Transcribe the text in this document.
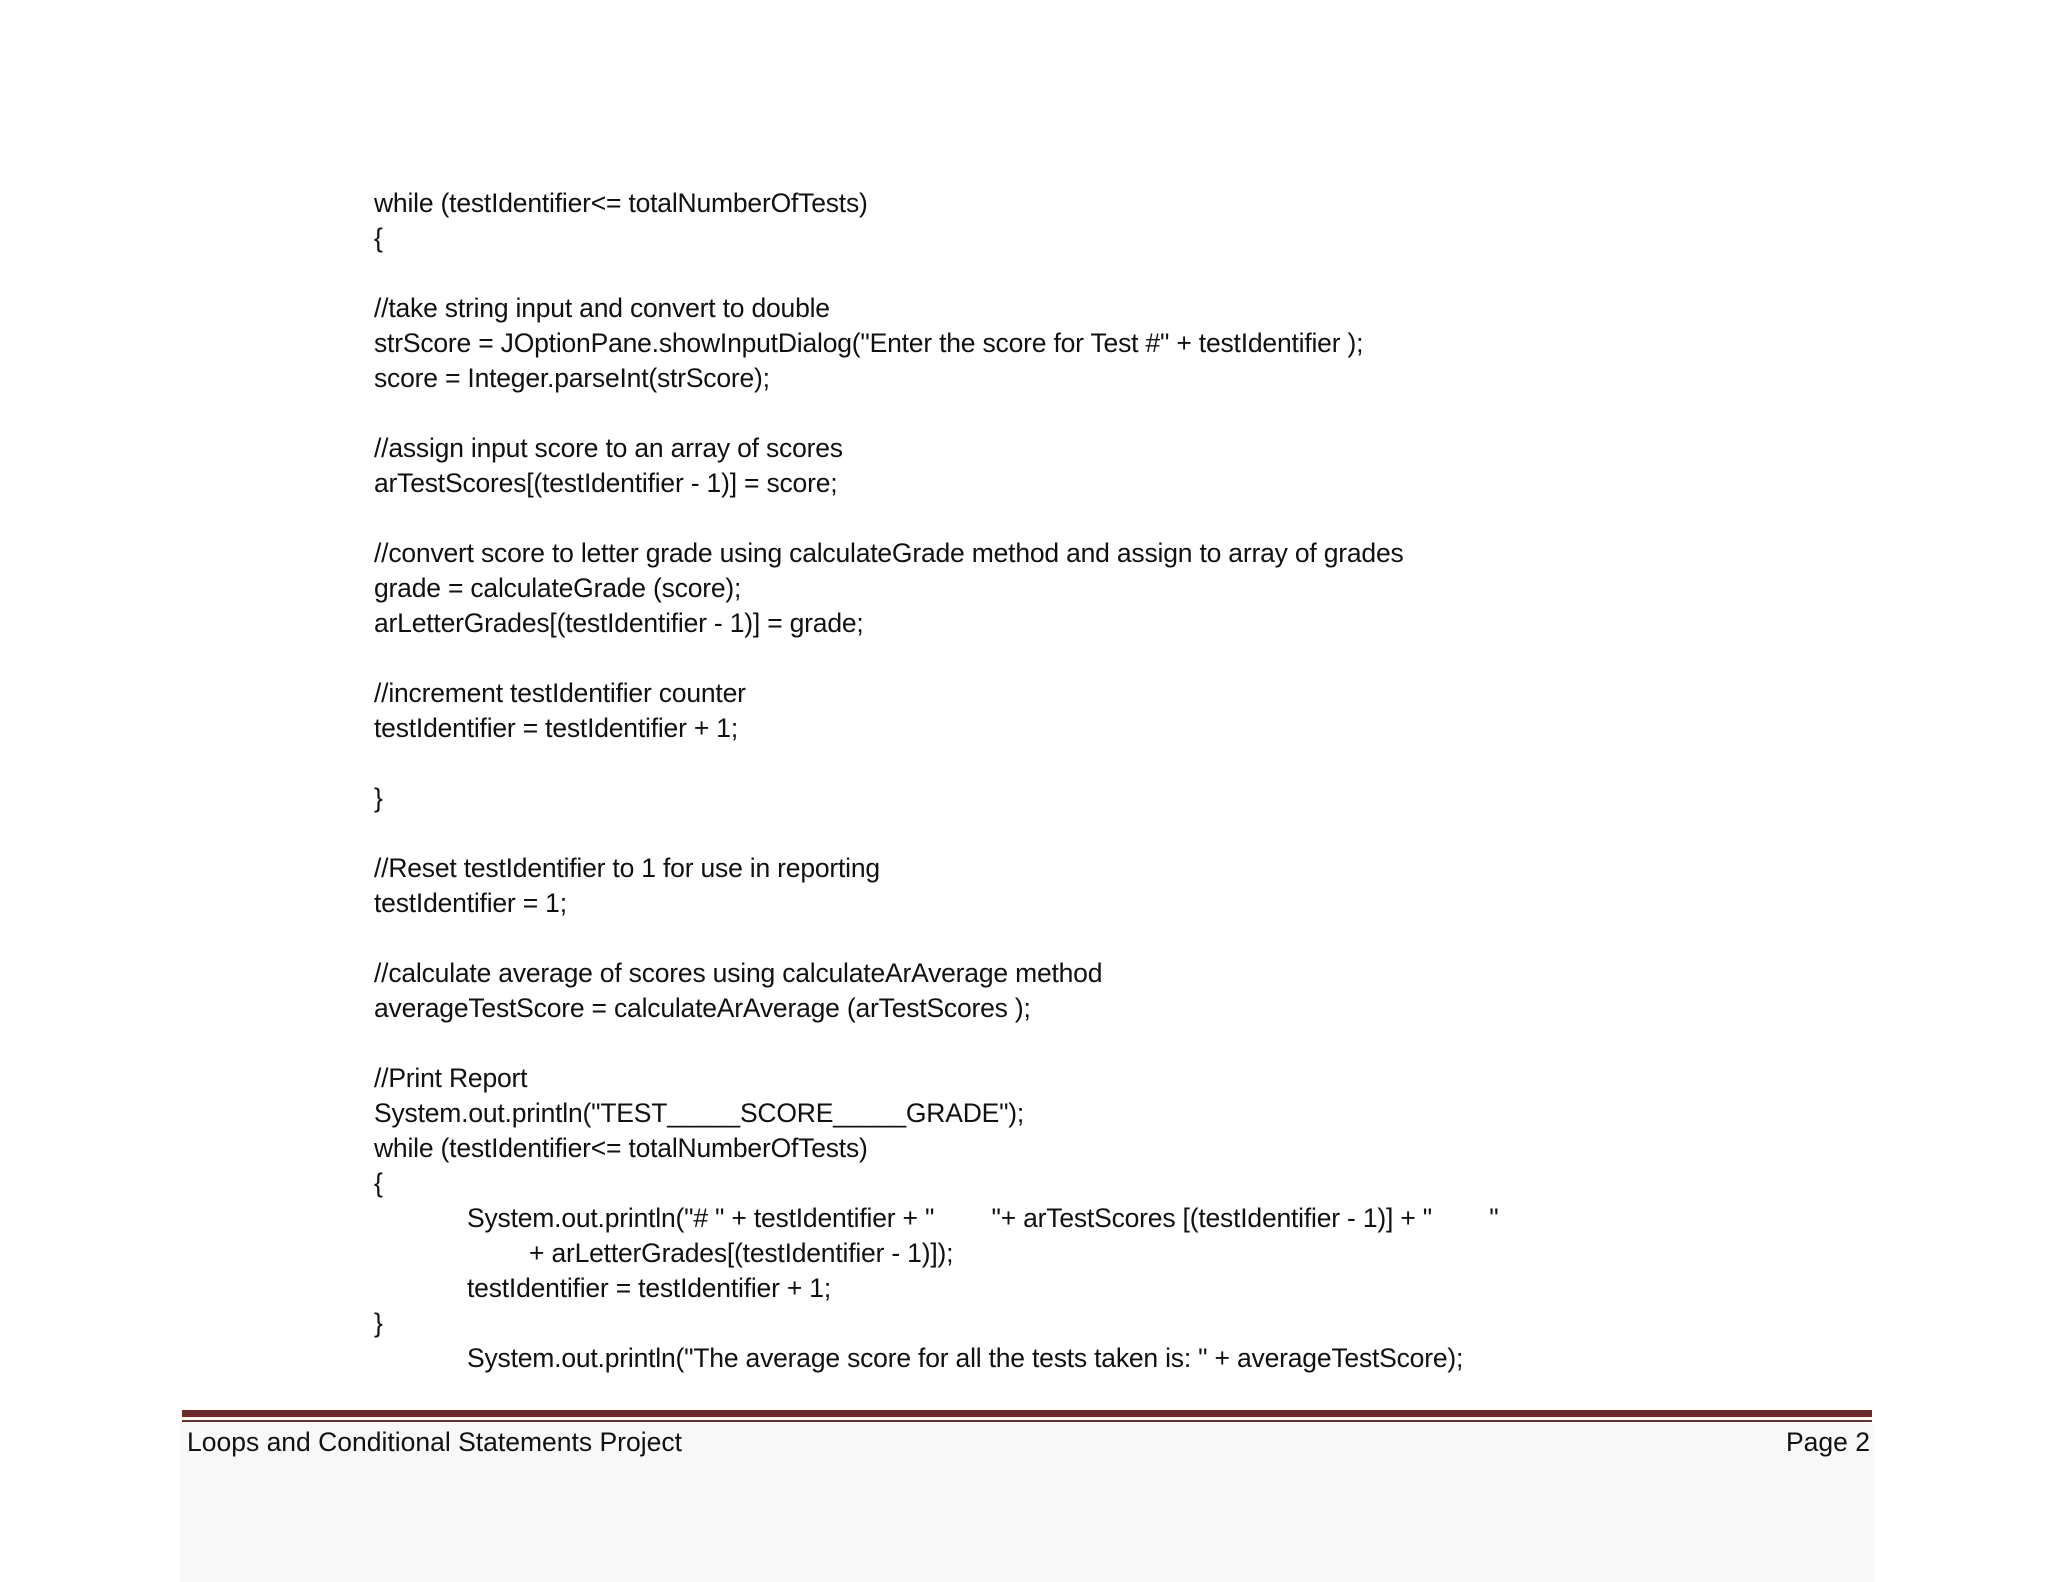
while (testIdentifier<= totalNumberOfTests)
{
//take string input and convert to double
strScore = JOptionPane.showInputDialog("Enter the score for Test #" + testIdentifier );
score = Integer.parseInt(strScore);
//assign input score to an array of scores
arTestScores[(testIdentifier - 1)] = score;
//convert score to letter grade using calculateGrade method and assign to array of grades
grade = calculateGrade (score);
arLetterGrades[(testIdentifier - 1)] = grade;
//increment testIdentifier counter
testIdentifier = testIdentifier + 1;
}
//Reset testIdentifier to 1 for use in reporting
testIdentifier = 1;
//calculate average of scores using calculateArAverage method
averageTestScore = calculateArAverage (arTestScores );
//Print Report
System.out.println("TEST_____SCORE_____GRADE");
while (testIdentifier<= totalNumberOfTests)
{
System.out.println("# " + testIdentifier + "        "+ arTestScores [(testIdentifier - 1)] + "        "
+ arLetterGrades[(testIdentifier - 1)]);
testIdentifier = testIdentifier + 1;
}
System.out.println("The average score for all the tests taken is: " + averageTestScore);
Loops and Conditional Statements Project	Page 2
